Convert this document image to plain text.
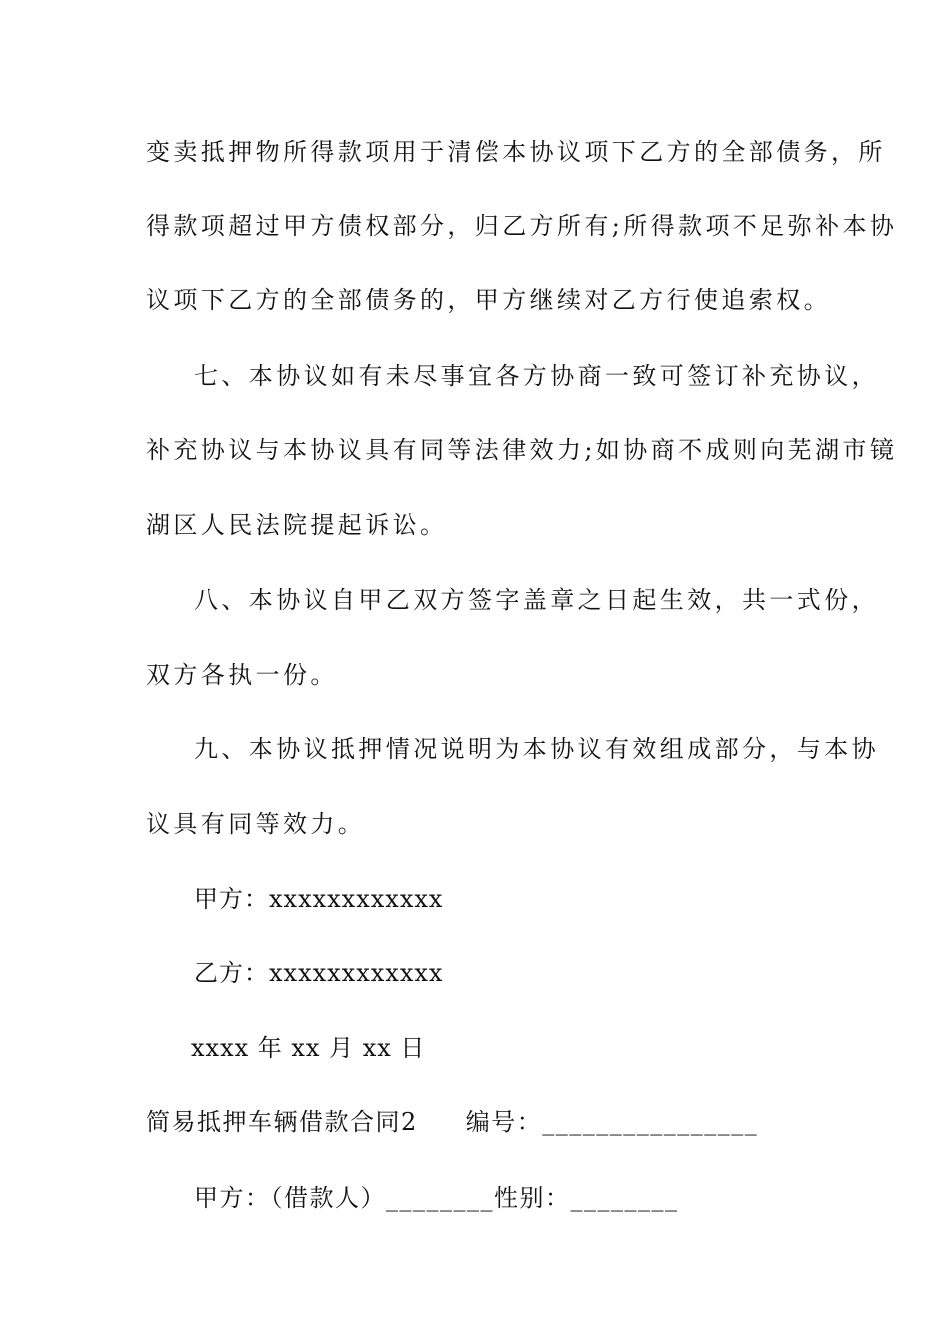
变卖抵押物所得款项用于清偿本协议项下乙方的全部债务，所
得款项超过甲方债权部分，归乙方所有;所得款项不足弥补本协
议项下乙方的全部债务的，甲方继续对乙方行使追索权。
七、本协议如有未尽事宜各方协商一致可签订补充协议，
补充协议与本协议具有同等法律效力;如协商不成则向芜湖市镜
湖区人民法院提起诉讼。
八、本协议自甲乙双方签字盖章之日起生效，共一式份，
双方各执一份。
九、本协议抵押情况说明为本协议有效组成部分，与本协
议具有同等效力。
甲方：xxxxxxxxxxxx
乙方：xxxxxxxxxxxx
xxxx 年 xx 月 xx 日
简易抵押车辆借款合同2 编号：________________
甲方：（借款人）________性别：________
